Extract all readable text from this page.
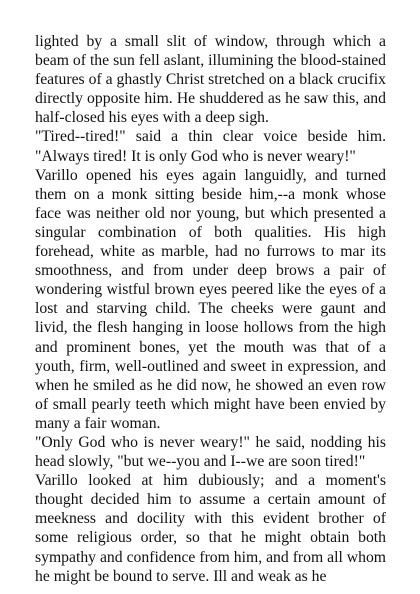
lighted by a small slit of window, through which a beam of the sun fell aslant, illumining the blood-stained features of a ghastly Christ stretched on a black crucifix directly opposite him. He shuddered as he saw this, and half-closed his eyes with a deep sigh.

"Tired--tired!" said a thin clear voice beside him. "Always tired! It is only God who is never weary!"

Varillo opened his eyes again languidly, and turned them on a monk sitting beside him,--a monk whose face was neither old nor young, but which presented a singular combination of both qualities. His high forehead, white as marble, had no furrows to mar its smoothness, and from under deep brows a pair of wondering wistful brown eyes peered like the eyes of a lost and starving child. The cheeks were gaunt and livid, the flesh hanging in loose hollows from the high and prominent bones, yet the mouth was that of a youth, firm, well-outlined and sweet in expression, and when he smiled as he did now, he showed an even row of small pearly teeth which might have been envied by many a fair woman.

"Only God who is never weary!" he said, nodding his head slowly, "but we--you and I--we are soon tired!"

Varillo looked at him dubiously; and a moment's thought decided him to assume a certain amount of meekness and docility with this evident brother of some religious order, so that he might obtain both sympathy and confidence from him, and from all whom he might be bound to serve. Ill and weak as he
